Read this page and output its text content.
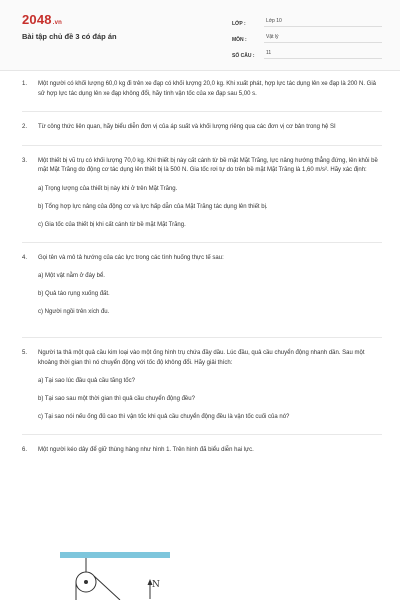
2048.vn
Bài tập chủ đề 3 có đáp án
LỚP :	Lớp 10
MÔN :	Vật lý
SỐ CÂU :	11
1. Một người có khối lượng 60,0 kg đi trên xe đạp có khối lượng 20,0 kg. Khi xuất phát, hợp lực tác dụng lên xe đạp là 200 N. Giả sử hợp lực tác dụng lên xe đạp không đổi, hãy tính vận tốc của xe đạp sau 5,00 s.
2. Từ công thức liên quan, hãy biểu diễn đơn vị của áp suất và khối lượng riêng qua các đơn vị cơ bản trong hệ SI
3. Một thiết bị vũ trụ có khối lượng 70,0 kg. Khi thiết bị này cất cánh từ bề mặt Mặt Trăng, lực nâng hướng thẳng đứng, lên khỏi bề mặt Mặt Trăng do động cơ tác dụng lên thiết bị là 500 N. Gia tốc rơi tự do trên bề mặt Mặt Trăng là 1,60 m/s². Hãy xác định:
a) Trọng lượng của thiết bị này khi ở trên Mặt Trăng.
b) Tổng hợp lực nâng của động cơ và lực hấp dẫn của Mặt Trăng tác dụng lên thiết bị.
c) Gia tốc của thiết bị khi cất cánh từ bề mặt Mặt Trăng.
4. Gọi tên và mô tả hướng của các lực trong các tình huống thực tế sau:
a) Một vật nằm ở đáy bể.
b) Quả táo rụng xuống đất.
c) Người ngồi trên xích đu.
5. Người ta thả một quả cầu kim loại vào một ống hình trụ chứa đầy dầu. Lúc đầu, quả cầu chuyển động nhanh dần. Sau một khoảng thời gian thì nó chuyển động với tốc độ không đổi. Hãy giải thích:
a) Tại sao lúc đầu quả cầu tăng tốc?
b) Tại sao sau một thời gian thì quả cầu chuyển động đều?
c) Tại sao nói nếu ống đủ cao thì vận tốc khi quả cầu chuyển động đều là vận tốc cuối của nó?
6. Một người kéo dây để giữ thùng hàng như hình 1. Trên hình đã biểu diễn hai lực.
N
